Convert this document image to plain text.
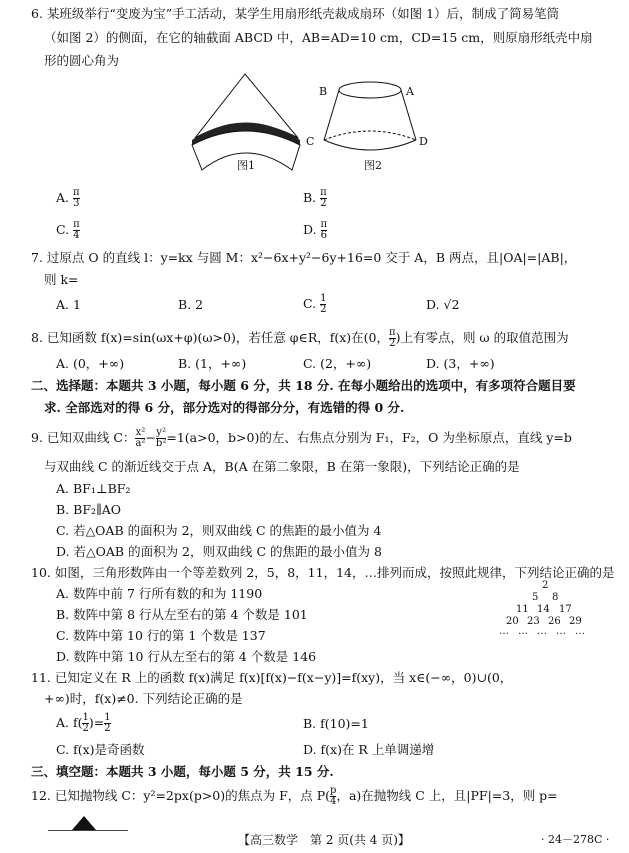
6. 某班级举行“变废为宝”手工活动，某学生用扇形纸壳裁成扇环（如图 1）后，制成了简易笔筒
（如图 2）的侧面，在它的轴截面 ABCD 中，AB=AD=10 cm，CD=15 cm，则原扇形纸壳中扇
形的圆心角为
图1
B	A
C	D
图2
A. $\frac{\pi}{3}$	B. $\frac{\pi}{2}$
C. $\frac{\pi}{4}$	D. $\frac{\pi}{6}$
7. 过原点 O 的直线 l：y=kx 与圆 M：x²−6x+y²−6y+16=0 交于 A，B 两点，且|OA|=|AB|，
则 k=
A. 1	B. 2	C. $\frac{1}{2}$	D. √2
8. 已知函数 f(x)=sin(ωx+φ)(ω>0)，若任意 φ∈R，f(x)在(0， $\frac{\pi}{2}$ )上有零点，则 ω 的取值范围为
A. (0，+∞)	B. (1，+∞)	C. (2，+∞)	D. (3，+∞)
二、选择题：本题共 3 小题，每小题 6 分，共 18 分. 在每小题给出的选项中，有多项符合题目要
求. 全部选对的得 6 分，部分选对的得部分分，有选错的得 0 分.
9. 已知双曲线 C： $\frac{\text{x²}}{\text{a²}} - \frac{\text{y²}}{\text{b²}} =1(a>0$，b>0)的左、右焦点分别为 F₁，F₂，O 为坐标原点，直线 y=b
与双曲线 C 的渐近线交于点 A，B(A 在第二象限，B 在第一象限)，下列结论正确的是
A. BF₁⊥BF₂
B. BF₂∥AO
C. 若△OAB 的面积为 2，则双曲线 C 的焦距的最小值为 4
D. 若△OAB 的面积为 2，则双曲线 C 的焦距的最小值为 8
10. 如图，三角形数阵由一个等差数列 2，5，8，11，14，…排列而成，按照此规律，下列结论正确的是
A. 数阵中前 7 行所有数的和为 1190
B. 数阵中第 8 行从左至右的第 4 个数是 101
C. 数阵中第 10 行的第 1 个数是 137
D. 数阵中第 10 行从左至右的第 4 个数是 146
2
5 8
11 14 17
20 23 26 29
… … … … …
11. 已知定义在 R 上的函数 f(x)满足 f(x)[f(x)−f(x−y)]=f(xy)，当 x∈(−∞，0)∪(0，
+∞)时，f(x)≠0. 下列结论正确的是
A. $f( \frac{1}{2}$ )= $\frac{1}{2}$	B. f(10)=1
C. f(x)是奇函数	D. f(x)在 R 上单调递增
三、填空题：本题共 3 小题，每小题 5 分，共 15 分.
12. 已知抛物线 C：y²=2px(p>0)的焦点为 F，点 $P( \frac{p}{4}$ ，a)在抛物线 C 上，且|PF|=3，则 p=
【高三数学　第 2 页(共 4 页)】	· 24－278C ·
